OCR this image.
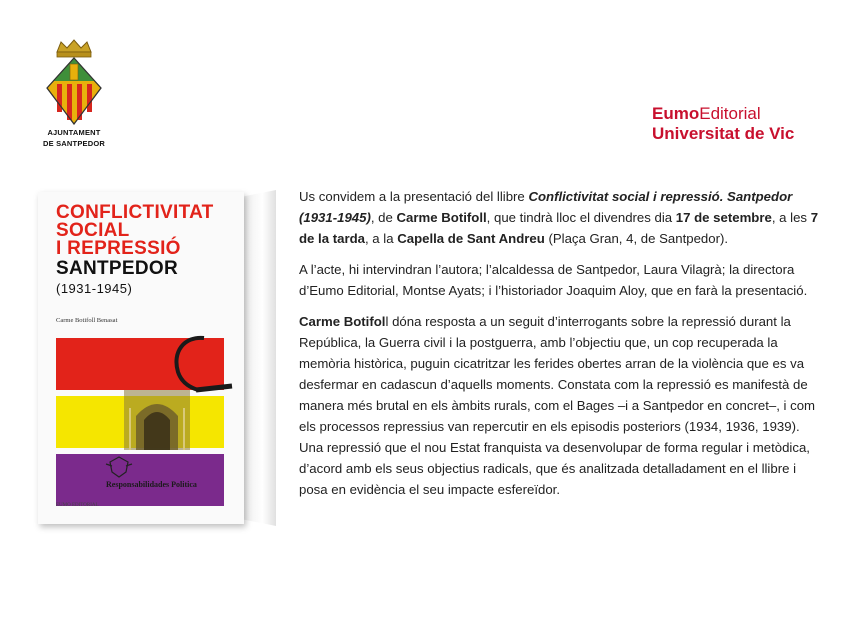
AJUNTAMENT
DE SANTPEDOR
EumoEditorial
Universitat de Vic
CONFLICTIVITAT
SOCIAL
I REPRESSIÓ
SANTPEDOR
(1931-1945)
Carme Botifoll Benasat
Responsabilidades Politica
EUMO EDITORIAL

Us convidem a la presentació del llibre Conflictivitat social i repressió. Santpedor (1931-1945), de Carme Botifoll, que tindrà lloc el divendres dia 17 de setembre, a les 7 de la tarda, a la Capella de Sant Andreu (Plaça Gran, 4, de Santpedor).

A l’acte, hi intervindran l’autora; l’alcaldessa de Santpedor, Laura Vilagrà; la directora d’Eumo Editorial, Montse Ayats; i l’historiador Joaquim Aloy, que en farà la presentació.

Carme Botifoll dóna resposta a un seguit d’interrogants sobre la repressió durant la República, la Guerra civil i la postguerra, amb l’objectiu que, un cop recuperada la memòria històrica, puguin cicatritzar les ferides obertes arran de la violència que es va desfermar en cadascun d’aquells moments. Constata com la repressió es manifestà de manera més brutal en els àmbits rurals, com el Bages –i a Santpedor en concret–, i com els processos repressius van repercutir en els episodis posteriors (1934, 1936, 1939). Una repressió que el nou Estat franquista va desenvolupar de forma regular i metòdica, d’acord amb els seus objectius radicals, que és analitzada detalladament en el llibre i posa en evidència el seu impacte esfereïdor.
